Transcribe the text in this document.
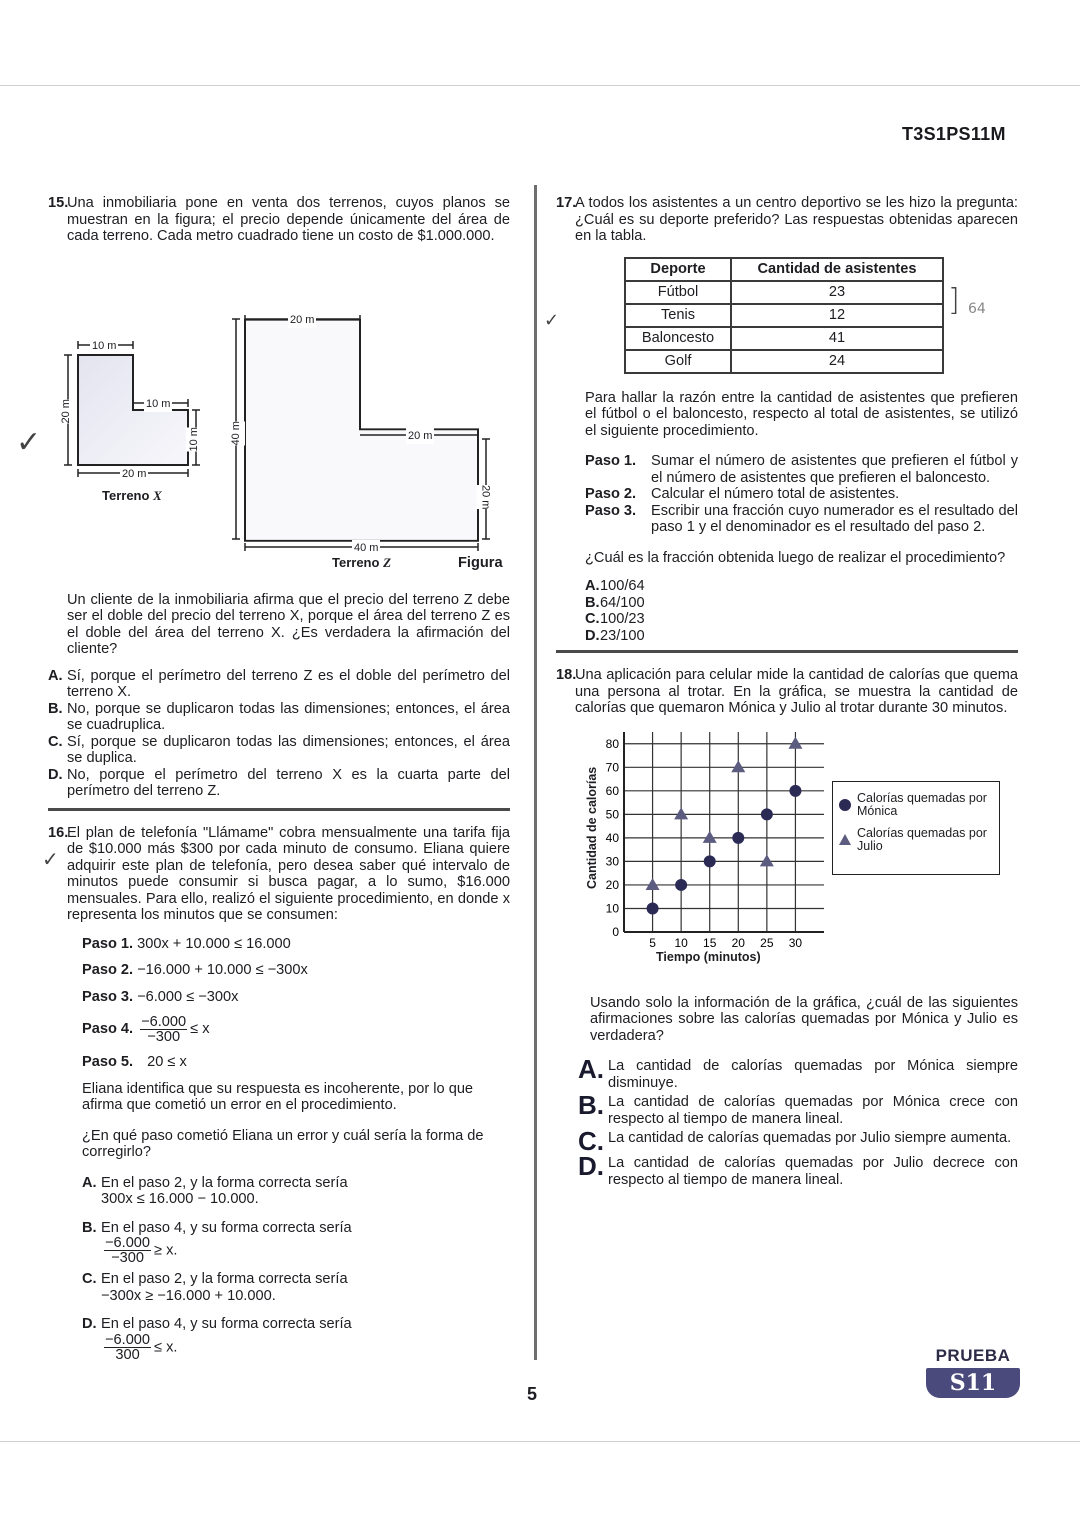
T3S1PS11M
15.
Una inmobiliaria pone en venta dos terrenos, cuyos planos se muestran en la figura; el precio depende únicamente del área de cada terreno. Cada metro cuadrado tiene un costo de $1.000.000.
10 m
20 m	10 m
10 m
20 m
Terreno X
20 m
40 m	20 m
20 m
40 m
Terreno Z	Figura
✓
Un cliente de la inmobiliaria afirma que el precio del terreno Z debe ser el doble del precio del terreno X, porque el área del terreno Z es el doble del área del terreno X. ¿Es verdadera la afirmación del cliente?
A. Sí, porque el perímetro del terreno Z es el doble del perímetro del terreno X.
B. No, porque se duplicaron todas las dimensiones; entonces, el área se cuadruplica.
C. Sí, porque se duplicaron todas las dimensiones; entonces, el área se duplica.
D. No, porque el perímetro del terreno X es la cuarta parte del perímetro del terreno Z.
16.
El plan de telefonía "Llámame" cobra mensualmente una tarifa fija de $10.000 más $300 por cada minuto de consumo. Eliana quiere adquirir este plan de telefonía, pero desea saber qué intervalo de minutos puede consumir si busca pagar, a lo sumo, $16.000 mensuales. Para ello, realizó el siguiente procedimiento, en donde x representa los minutos que se consumen:
✓
Paso 1. 300x + 10.000 ≤ 16.000
Paso 2. −16.000 + 10.000 ≤ −300x
Paso 3. −6.000 ≤ −300x
Paso 4. $\frac{-6.000}{-300} \le x$
Paso 5. 20 ≤ x
Eliana identifica que su respuesta es incoherente, por lo que afirma que cometió un error en el procedimiento.
¿En qué paso cometió Eliana un error y cuál sería la forma de corregirlo?
A. En el paso 2, y la forma correcta sería
300x ≤ 16.000 − 10.000.
B. En el paso 4, y su forma correcta sería

$\frac{-6.000}{-300} \ge x$.
C. En el paso 2, y la forma correcta sería
−300x ≥ −16.000 + 10.000.
D. En el paso 4, y su forma correcta sería

$\frac{-6.000}{300} \le x$.
17.
A todos los asistentes a un centro deportivo se les hizo la pregunta: ¿Cuál es su deporte preferido? Las respuestas obtenidas aparecen en la tabla.
Deporte	Cantidad de asistentes
Fútbol	23
Tenis	12
Baloncesto	41
Golf	24
✓
] 64
Para hallar la razón entre la cantidad de asistentes que prefieren el fútbol o el baloncesto, respecto al total de asistentes, se utilizó el siguiente procedimiento.
Paso 1.	Sumar el número de asistentes que prefieren el fútbol y el número de asistentes que prefieren el baloncesto.
Paso 2.	Calcular el número total de asistentes.
Paso 3.	Escribir una fracción cuyo numerador es el resultado del paso 1 y el denominador es el resultado del paso 2.
¿Cuál es la fracción obtenida luego de realizar el procedimiento?
A. 100/64
B. 64/100
C. 100/23
D. 23/100
18.
Una aplicación para celular mide la cantidad de calorías que quema una persona al trotar. En la gráfica, se muestra la cantidad de calorías que quemaron Mónica y Julio al trotar durante 30 minutos.
0
10
20
30
40
50
60
70
80
5 10 15 20 25 30
Cantidad de calorías
Tiempo (minutos)
Calorías quemadas por Mónica
Calorías quemadas por Julio
Usando solo la información de la gráfica, ¿cuál de las siguientes afirmaciones sobre las calorías quemadas por Mónica y Julio es verdadera?
A. La cantidad de calorías quemadas por Mónica siempre disminuye.
B. La cantidad de calorías quemadas por Mónica crece con respecto al tiempo de manera lineal.
C. La cantidad de calorías quemadas por Julio siempre aumenta.
D. La cantidad de calorías quemadas por Julio decrece con respecto al tiempo de manera lineal.
5
PRUEBA
S11
